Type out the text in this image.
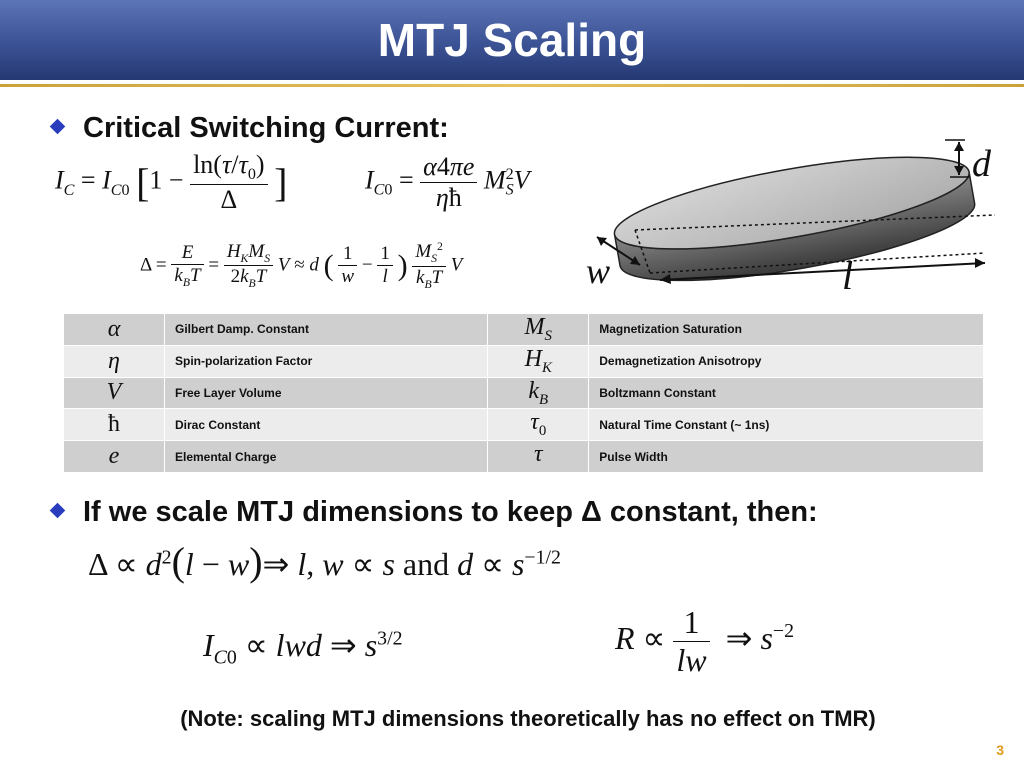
MTJ Scaling
Critical Switching Current:
$I_C = I_{C0}$ [$1 - \frac{\ln(\tau/\tau_0)}{\Delta}$ ]	$I_{C0} = \frac{\alpha 4\pi e}{\eta ħ} M_S^2V$
Δ =
E
$k_BT$
=
$H_KM_S$
$2k_BT$
V ≈ d ( $\frac{1}{w} - \frac{1}{l}$ ) $M_S^2$
$k_BT$
V
d
w	l
α	Gilbert Damp. Constant	$M_S$	Magnetization Saturation
η	Spin-polarization Factor	$H_K$	Demagnetization Anisotropy
V	Free Layer Volume	$k_B$	Boltzmann Constant
ħ	Dirac Constant	$\tau_0$	Natural Time Constant (~ 1ns)
e	Elemental Charge	τ	Pulse Width
If we scale MTJ dimensions to keep Δ constant, then:
$\Delta \propto d^2(l$ − w)⇒ l, w ∝ s and $d \propto s^{-1/2}$
$I_{C0}$ ∝ lwd ⇒ $s^{3/2}$	$R \propto \frac{1}{lw}$ ⇒ $s^{-2}$
(Note: scaling MTJ dimensions theoretically has no effect on TMR)
3
